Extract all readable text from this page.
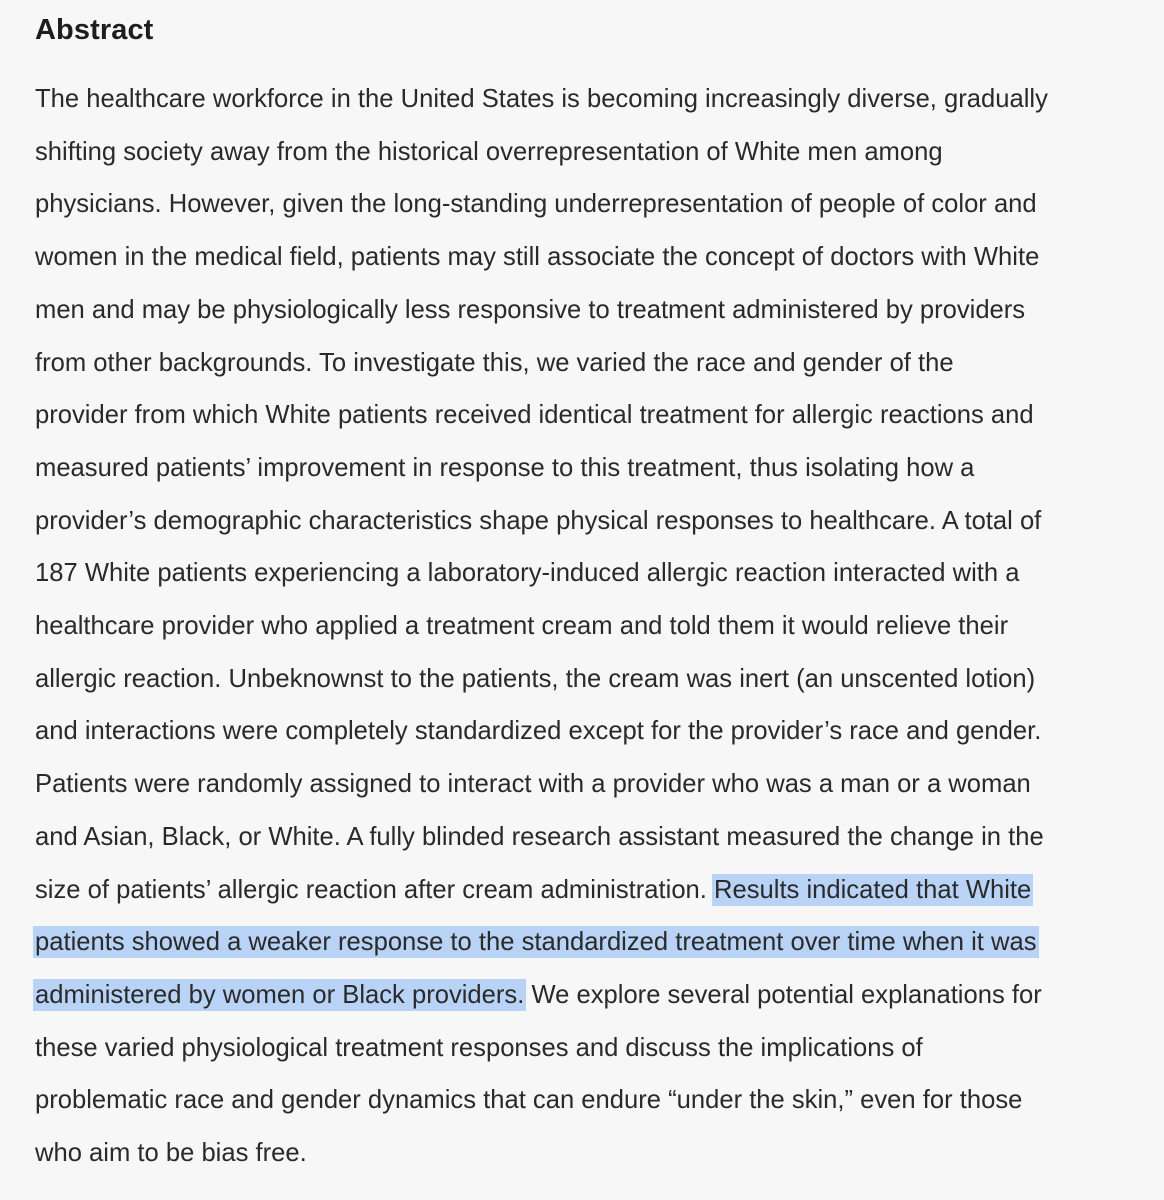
Abstract
The healthcare workforce in the United States is becoming increasingly diverse, gradually
shifting society away from the historical overrepresentation of White men among
physicians. However, given the long-standing underrepresentation of people of color and
women in the medical field, patients may still associate the concept of doctors with White
men and may be physiologically less responsive to treatment administered by providers
from other backgrounds. To investigate this, we varied the race and gender of the
provider from which White patients received identical treatment for allergic reactions and
measured patients’ improvement in response to this treatment, thus isolating how a
provider’s demographic characteristics shape physical responses to healthcare. A total of
187 White patients experiencing a laboratory-induced allergic reaction interacted with a
healthcare provider who applied a treatment cream and told them it would relieve their
allergic reaction. Unbeknownst to the patients, the cream was inert (an unscented lotion)
and interactions were completely standardized except for the provider’s race and gender.
Patients were randomly assigned to interact with a provider who was a man or a woman
and Asian, Black, or White. A fully blinded research assistant measured the change in the
size of patients’ allergic reaction after cream administration. Results indicated that White
patients showed a weaker response to the standardized treatment over time when it was
administered by women or Black providers. We explore several potential explanations for
these varied physiological treatment responses and discuss the implications of
problematic race and gender dynamics that can endure “under the skin,” even for those
who aim to be bias free.
